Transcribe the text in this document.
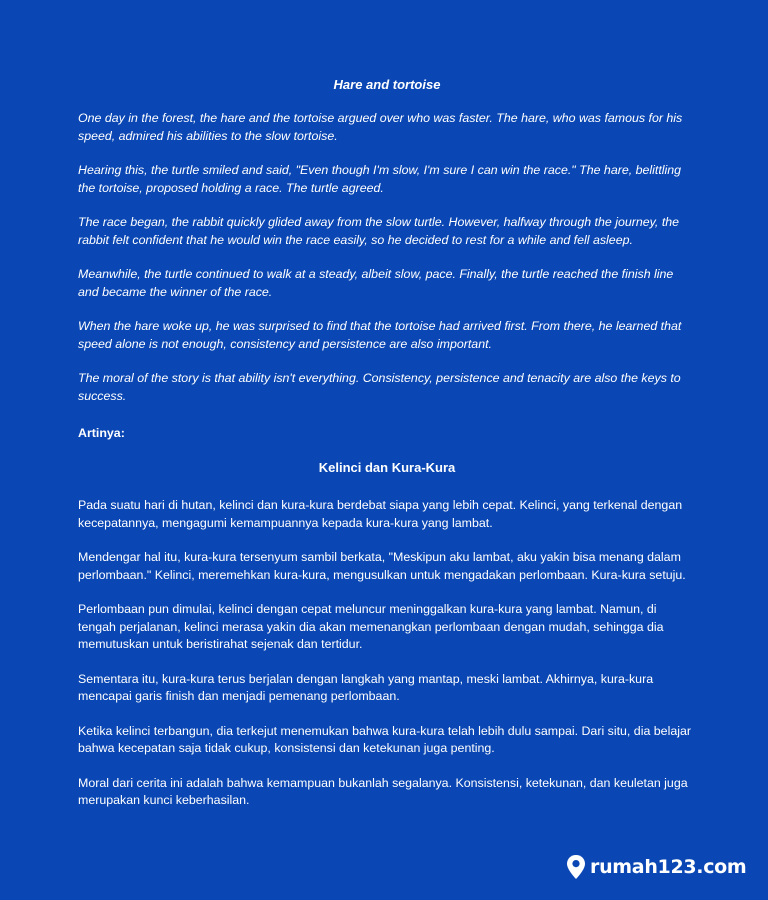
Hare and tortoise

One day in the forest, the hare and the tortoise argued over who was faster. The hare, who was famous for his speed, admired his abilities to the slow tortoise.

Hearing this, the turtle smiled and said, "Even though I'm slow, I'm sure I can win the race." The hare, belittling the tortoise, proposed holding a race. The turtle agreed.

The race began, the rabbit quickly glided away from the slow turtle. However, halfway through the journey, the rabbit felt confident that he would win the race easily, so he decided to rest for a while and fell asleep.

Meanwhile, the turtle continued to walk at a steady, albeit slow, pace. Finally, the turtle reached the finish line and became the winner of the race.

When the hare woke up, he was surprised to find that the tortoise had arrived first. From there, he learned that speed alone is not enough, consistency and persistence are also important.

The moral of the story is that ability isn't everything. Consistency, persistence and tenacity are also the keys to success.

Artinya:
Kelinci dan Kura-Kura

Pada suatu hari di hutan, kelinci dan kura-kura berdebat siapa yang lebih cepat. Kelinci, yang terkenal dengan kecepatannya, mengagumi kemampuannya kepada kura-kura yang lambat.

Mendengar hal itu, kura-kura tersenyum sambil berkata, "Meskipun aku lambat, aku yakin bisa menang dalam perlombaan." Kelinci, meremehkan kura-kura, mengusulkan untuk mengadakan perlombaan. Kura-kura setuju.

Perlombaan pun dimulai, kelinci dengan cepat meluncur meninggalkan kura-kura yang lambat. Namun, di tengah perjalanan, kelinci merasa yakin dia akan memenangkan perlombaan dengan mudah, sehingga dia memutuskan untuk beristirahat sejenak dan tertidur.

Sementara itu, kura-kura terus berjalan dengan langkah yang mantap, meski lambat. Akhirnya, kura-kura mencapai garis finish dan menjadi pemenang perlombaan.

Ketika kelinci terbangun, dia terkejut menemukan bahwa kura-kura telah lebih dulu sampai. Dari situ, dia belajar bahwa kecepatan saja tidak cukup, konsistensi dan ketekunan juga penting.

Moral dari cerita ini adalah bahwa kemampuan bukanlah segalanya. Konsistensi, ketekunan, dan keuletan juga merupakan kunci keberhasilan.

rumah123.com
